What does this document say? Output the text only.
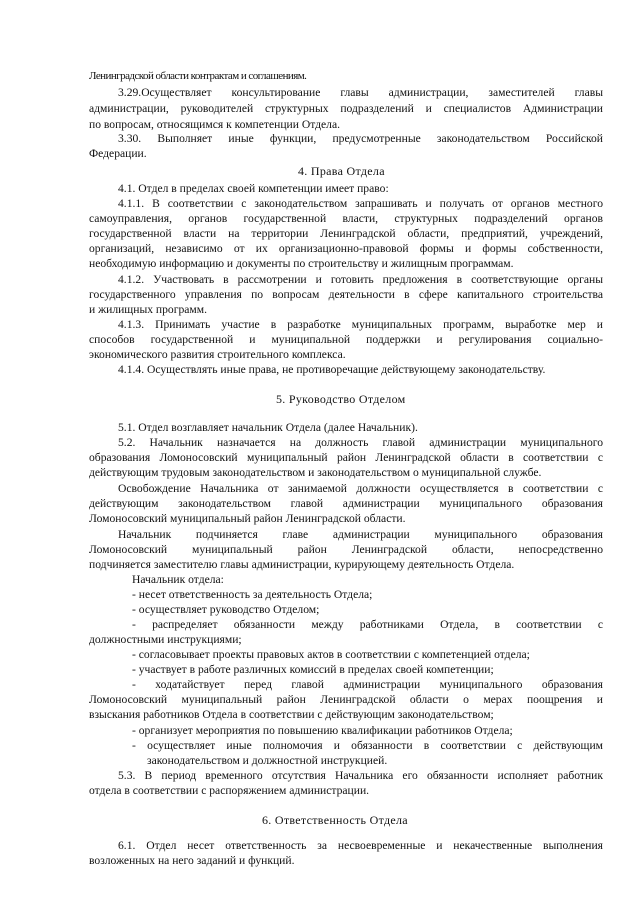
Ленинградской области контрактам и соглашениям.
3.29.Осуществляет консультирование главы администрации, заместителей главы
администрации, руководителей структурных подразделений и специалистов Администрации
по вопросам, относящимся к компетенции Отдела.
3.30. Выполняет иные функции, предусмотренные законодательством Российской
Федерации.
4. Права Отдела
4.1. Отдел в пределах своей компетенции имеет право:
4.1.1. В соответствии с законодательством запрашивать и получать от органов местного
самоуправления, органов государственной власти, структурных подразделений органов
государственной власти на территории Ленинградской области, предприятий, учреждений,
организаций, независимо от их организационно-правовой формы и формы собственности,
необходимую информацию и документы по строительству и жилищным программам.
4.1.2. Участвовать в рассмотрении и готовить предложения в соответствующие органы
государственного управления по вопросам деятельности в сфере капитального строительства
и жилищных программ.
4.1.3. Принимать участие в разработке муниципальных программ, выработке мер и
способов государственной и муниципальной поддержки и регулирования социально-
экономического развития строительного комплекса.
4.1.4. Осуществлять иные права, не противоречащие действующему законодательству.
5. Руководство Отделом
5.1. Отдел возглавляет начальник Отдела (далее Начальник).
5.2. Начальник назначается на должность главой администрации муниципального
образования Ломоносовский муниципальный район Ленинградской области в соответствии с
действующим трудовым законодательством и законодательством о муниципальной службе.
Освобождение Начальника от занимаемой должности осуществляется в соответствии с
действующим законодательством главой администрации муниципального образования
Ломоносовский муниципальный район Ленинградской области.
Начальник подчиняется главе администрации муниципального образования
Ломоносовский муниципальный район Ленинградской области, непосредственно
подчиняется заместителю главы администрации, курирующему деятельность Отдела.
Начальник отдела:
- несет ответственность за деятельность Отдела;
- осуществляет руководство Отделом;
- распределяет обязанности между работниками Отдела, в соответствии с
должностными инструкциями;
- согласовывает проекты правовых актов в соответствии с компетенцией отдела;
- участвует в работе различных комиссий в пределах своей компетенции;
- ходатайствует перед главой администрации муниципального образования
Ломоносовский муниципальный район Ленинградской области о мерах поощрения и
взыскания работников Отдела в соответствии с действующим законодательством;
- организует мероприятия по повышению квалификации работников Отдела;
- осуществляет иные полномочия и обязанности в соответствии с действующим
законодательством и должностной инструкцией.
5.3. В период временного отсутствия Начальника его обязанности исполняет работник
отдела в соответствии с распоряжением администрации.
6. Ответственность Отдела
6.1. Отдел несет ответственность за несвоевременные и некачественные выполнения
возложенных на него заданий и функций.
